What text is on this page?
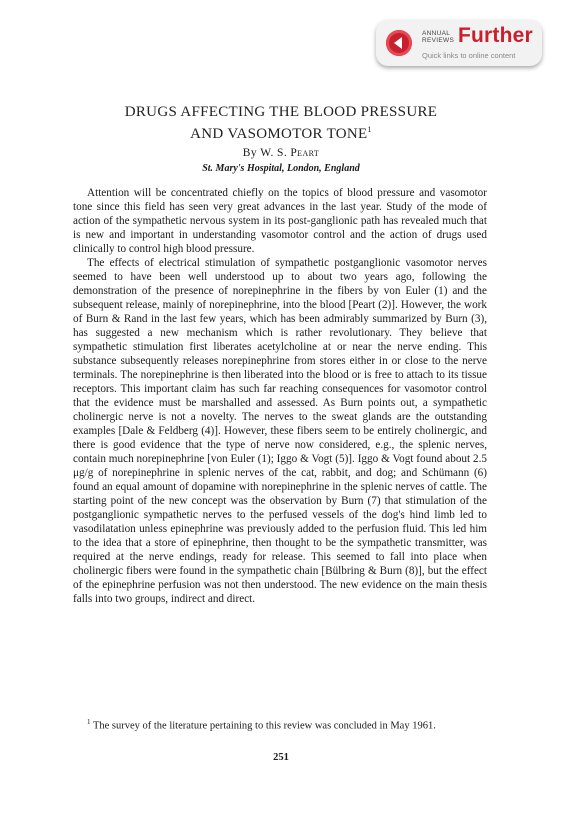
ANNUAL
REVIEWS Further
Quick links to online content
DRUGS AFFECTING THE BLOOD PRESSURE
AND VASOMOTOR TONE$^1$
By W. S. Peart
St. Mary's Hospital, London, England

Attention will be concentrated chiefly on the topics of blood pressure and vasomotor tone since this field has seen very great advances in the last year. Study of the mode of action of the sympathetic nervous system in its post-ganglionic path has revealed much that is new and important in understanding vasomotor control and the action of drugs used clinically to control high blood pressure.

The effects of electrical stimulation of sympathetic postganglionic vasomotor nerves seemed to have been well understood up to about two years ago, following the demonstration of the presence of norepinephrine in the fibers by von Euler (1) and the subsequent release, mainly of norepinephrine, into the blood [Peart (2)]. However, the work of Burn & Rand in the last few years, which has been admirably summarized by Burn (3), has suggested a new mechanism which is rather revolutionary. They believe that sympathetic stimulation first liberates acetylcholine at or near the nerve ending. This substance subsequently releases norepinephrine from stores either in or close to the nerve terminals. The norepinephrine is then liberated into the blood or is free to attach to its tissue receptors. This important claim has such far reaching consequences for vasomotor control that the evidence must be marshalled and assessed. As Burn points out, a sympathetic cholinergic nerve is not a novelty. The nerves to the sweat glands are the outstanding examples [Dale & Feldberg (4)]. However, these fibers seem to be entirely cholinergic, and there is good evidence that the type of nerve now considered, e.g., the splenic nerves, contain much norepinephrine [von Euler (1); Iggo & Vogt (5)]. Iggo & Vogt found about 2.5 μg/g of norepinephrine in splenic nerves of the cat, rabbit, and dog; and Schümann (6) found an equal amount of dopamine with norepinephrine in the splenic nerves of cattle. The starting point of the new concept was the observation by Burn (7) that stimulation of the postganglionic sympathetic nerves to the perfused vessels of the dog's hind limb led to vasodilatation unless epinephrine was previously added to the perfusion fluid. This led him to the idea that a store of epinephrine, then thought to be the sympathetic transmitter, was required at the nerve endings, ready for release. This seemed to fall into place when cholinergic fibers were found in the sympathetic chain [Bülbring & Burn (8)], but the effect of the epinephrine perfusion was not then understood. The new evidence on the main thesis falls into two groups, indirect and direct.

$^1$ The survey of the literature pertaining to this review was concluded in May 1961.

251
